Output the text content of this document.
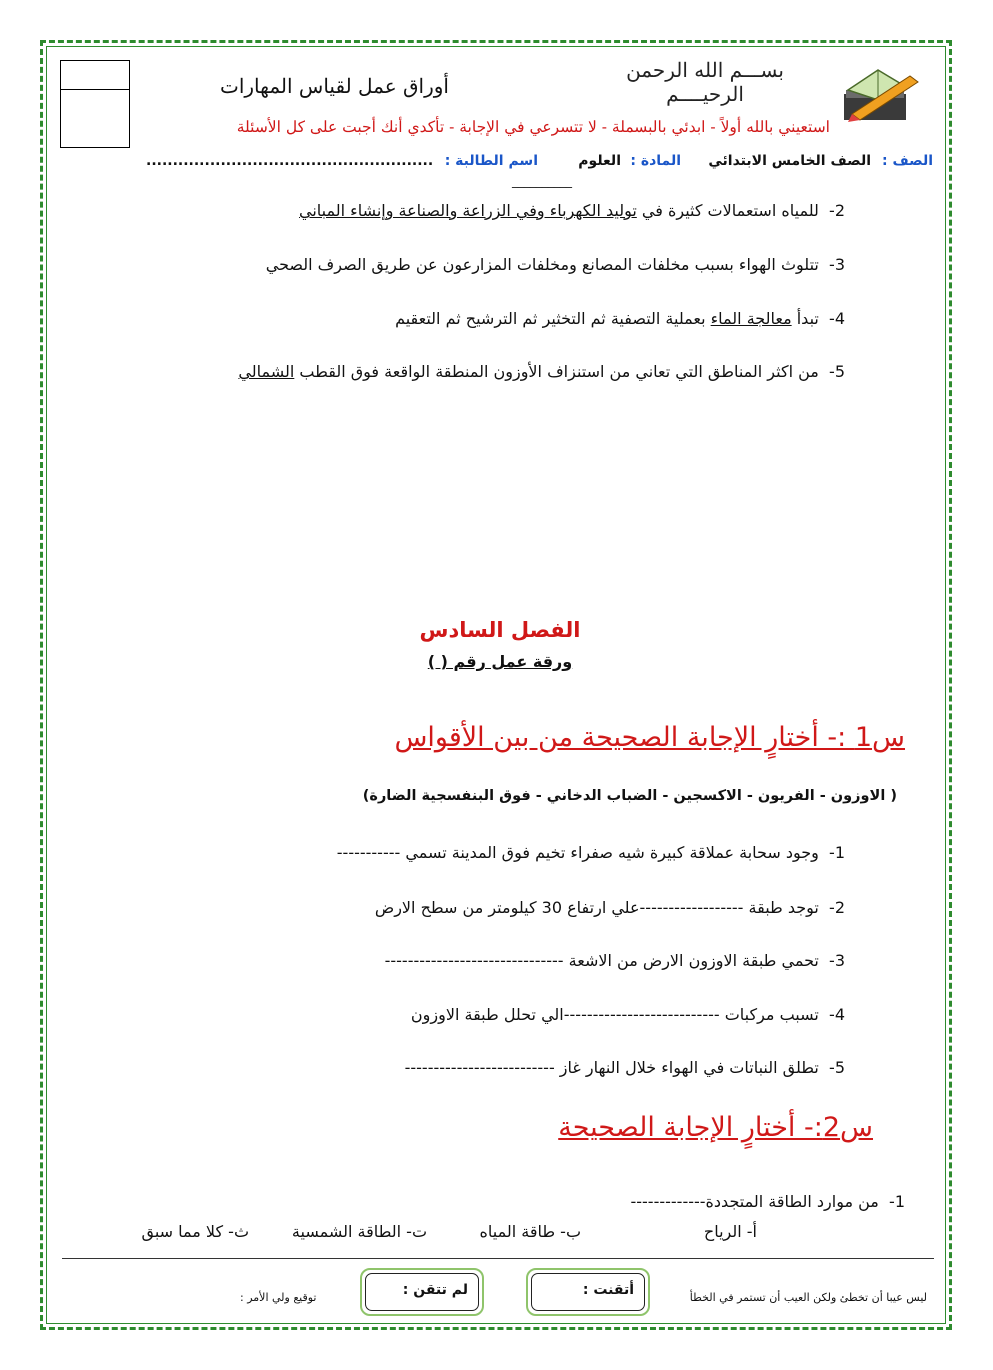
بســـم الله الرحمن الرحيــــم
أوراق عمل لقياس المهارات
استعيني بالله أولاً - ابدئي بالبسملة - لا تتسرعي في الإجابة - تأكدي أنك أجبت على كل الأسئلة
الصف :
الصف الخامس الابتدائي
المادة :
العلوم
اسم الطالبة :
......................................................
__________
2-  للمياه استعمالات كثيرة في توليد الكهرباء وفي الزراعة والصناعة وإنشاء المباني
3-  تتلوث الهواء بسبب مخلفات المصانع ومخلفات المزارعون عن طريق الصرف الصحي
4-  تبدأ معالجة الماء بعملية التصفية ثم التخثير ثم الترشيح ثم التعقيم
5-  من اكثر المناطق التي تعاني من استنزاف الأوزون المنطقة الواقعة فوق القطب الشمالي
الفصل السادس
ورقة عمل رقم ( )
س1 :- أختارٍ الإجابة الصحيحة من بين الأقواس
( الاوزون - الفريون - الاكسجين - الضباب الدخاني - فوق البنفسجية الضارة)
1-  وجود سحابة عملاقة كبيرة شيه صفراء تخيم فوق المدينة تسمي -----------
2-  توجد طبقة ------------------علي ارتفاع 30 كيلومتر من سطح الارض
3-  تحمي طبقة الاوزون الارض من الاشعة -------------------------------
4-  تسبب مركبات ---------------------------الي تحلل طبقة الاوزون
5-  تطلق النباتات في الهواء خلال النهار غاز --------------------------
س2:- أختارٍ الإجابة الصحيحة
1-  من موارد الطاقة المتجددة-------------
أ- الرياح
ب- طاقة المياه
ت- الطاقة الشمسية
ث- كلا مما سبق
ليس عيبا أن تخطئ ولكن العيب أن تستمر في الخطأ
أتقنت :
لم تتقن :
توقيع ولي الأمر :
